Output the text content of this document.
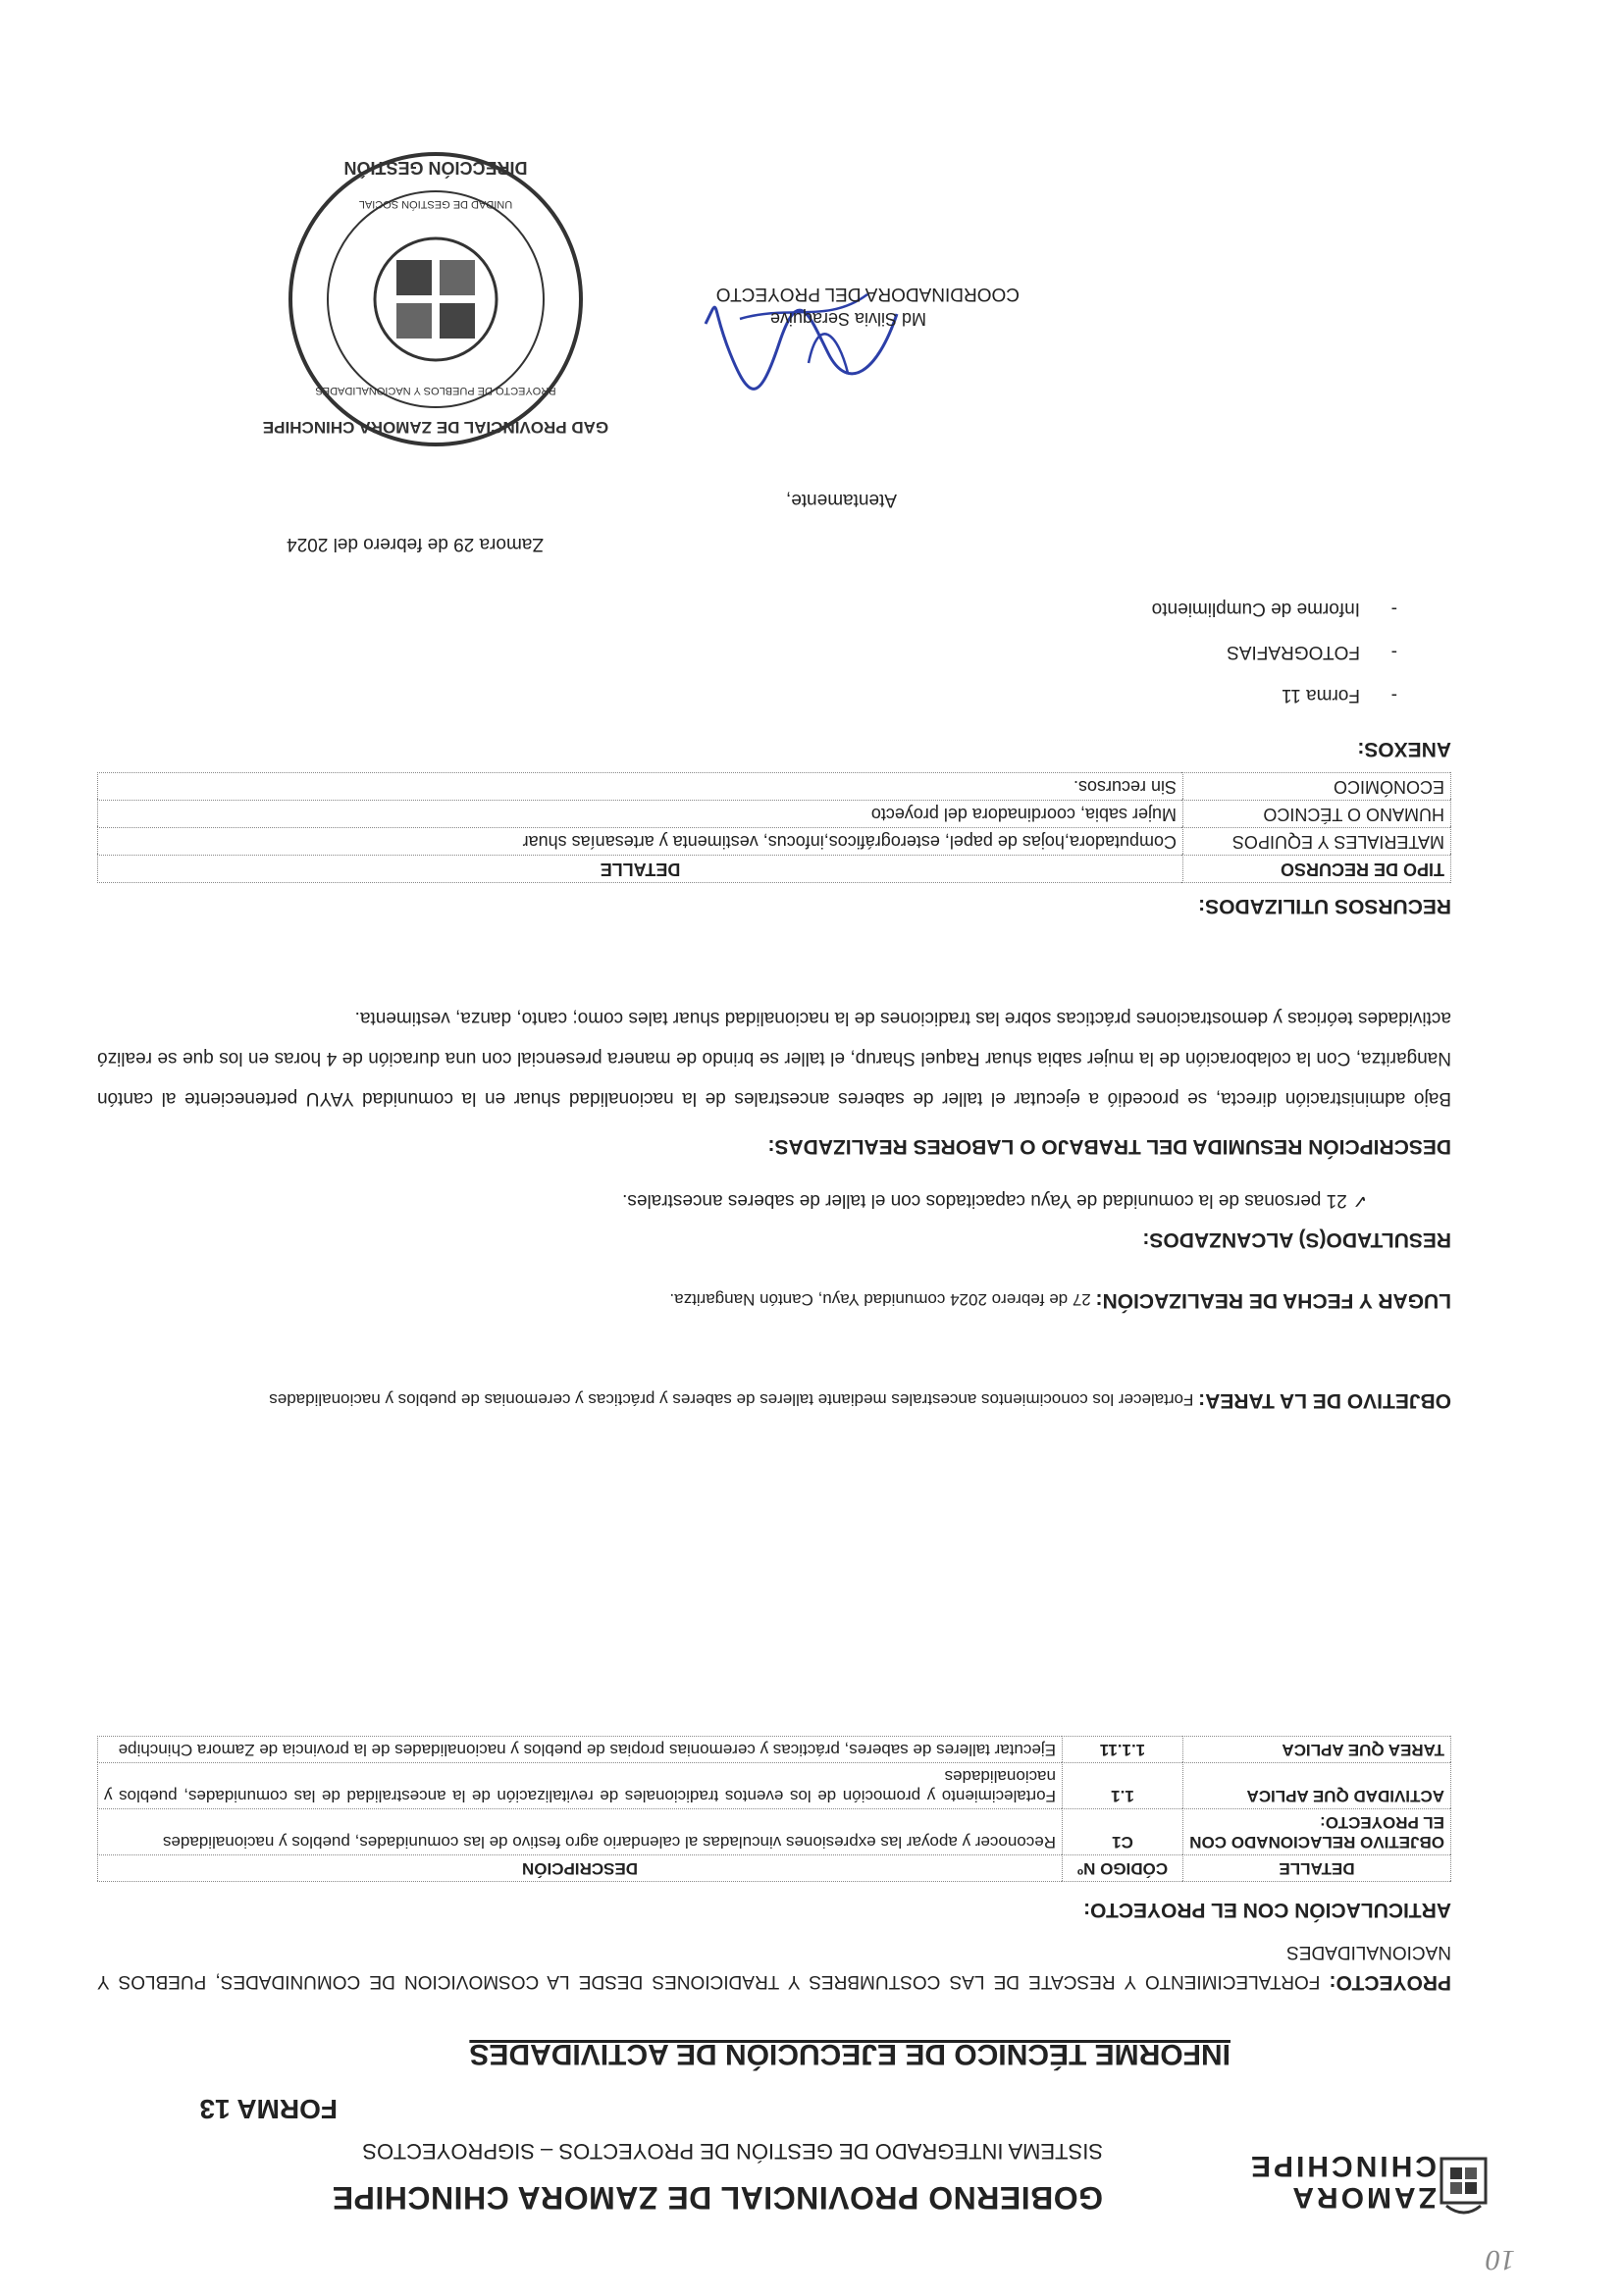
10
ZAMORA
CHINCHIPE
GOBIERNO PROVINCIAL DE ZAMORA CHINCHIPE
SISTEMA INTEGRADO DE GESTIÓN DE PROYECTOS – SIGPROYECTOS
FORMA 13
INFORME TÉCNICO DE EJECUCIÓN DE ACTIVIDADES
PROYECTO: FORTALECIMIENTO Y RESCATE DE LAS COSTUMBRES Y TRADICIONES DESDE LA COSMOVICION DE COMUNIDADES, PUEBLOS Y NACIONALIDADES
ARTICULACIÓN CON EL PROYECTO:
DETALLE	CÓDIGO Nº	DESCRIPCIÓN
OBJETIVO RELACIONADO CON EL PROYECTO:	C1	Reconocer y apoyar las expresiones vinculadas al calendario agro festivo de las comunidades, pueblos y nacionalidades
ACTIVIDAD QUE APLICA	1.1	Fortalecimiento y promoción de los eventos tradicionales de revitalización de la ancestralidad de las comunidades, pueblos y nacionalidades
TAREA QUE APLICA	1.1.11	Ejecutar talleres de saberes, prácticas y ceremonias propias de pueblos y nacionalidades de la provincia de Zamora Chinchipe
OBJETIVO DE LA TAREA: Fortalecer los conocimientos ancestrales mediante talleres de saberes y prácticas y ceremonias de pueblos y nacionalidades
LUGAR Y FECHA DE REALIZACIÓN: 27 de febrero 2024 comunidad Yayu, Cantón Nangaritza.
RESULTADO(S) ALCANZADOS:
✓ 21 personas de la comunidad de Yayu capacitados con el taller de saberes ancestrales.
DESCRIPCIÓN RESUMIDA DEL TRABAJO O LABORES REALIZADAS:
Bajo administración directa, se procedió a ejecutar el taller de saberes ancestrales de la nacionalidad shuar en la comunidad YAYU perteneciente al cantón Nangaritza, Con la colaboración de la mujer sabia shuar Raquel Sharup, el taller se brindo de manera presencial con una duración de 4 horas en los que se realizó actividades teóricas y demostraciones prácticas sobre las tradiciones de la nacionalidad shuar tales como; canto, danza, vestimenta.
RECURSOS UTILIZADOS:
TIPO DE RECURSO	DETALLE
MATERIALES Y EQUIPOS	Computadora,hojas de papel, esterográficos,infocus, vestimenta y artesanías shuar
HUMANO O TÉCNICO	Mujer sabia, coordinadora del proyecto
ECONÓMICO	Sin recursos.
ANEXOS:
-      Forma 11
-      FOTOGRAFIAS
-      Informe de Cumplimiento
Zamora 29 de febrero del 2024
Atentamente,
Md Silvia Seraquive
COORDINADORA DEL PROYECTO
GAD PROVINCIAL DE ZAMORA CHINCHIPE
DIRECCIÓN GESTIÓN
PROYECTO DE PUEBLOS Y NACIONALIDADES
UNIDAD DE GESTIÓN SOCIAL
